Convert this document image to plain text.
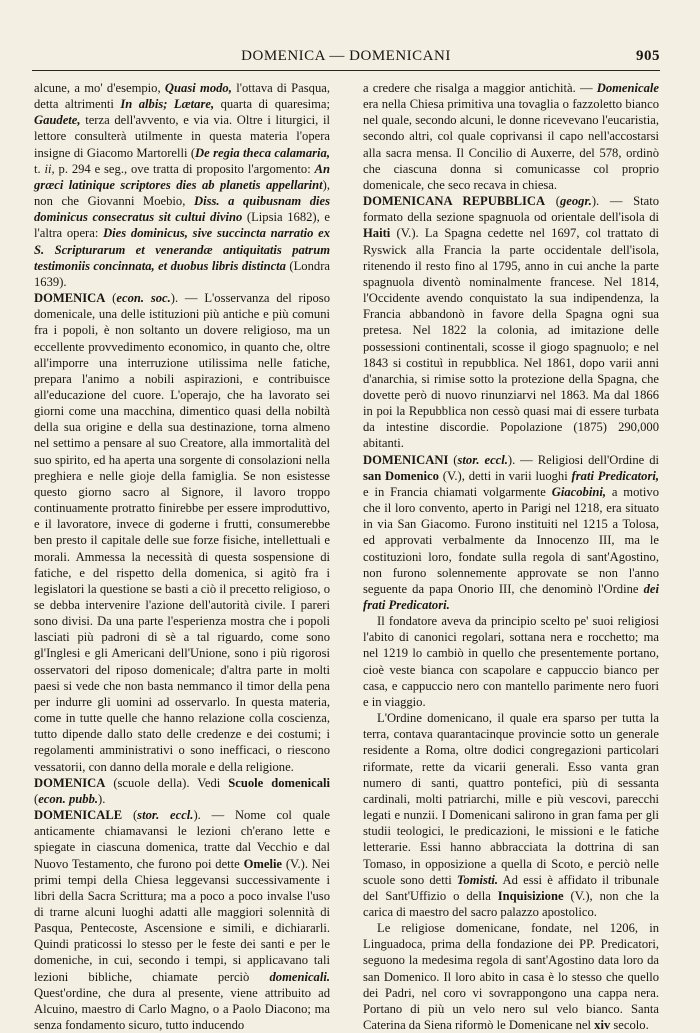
DOMENICA — DOMENICANI	905

alcune, a mo' d'esempio, Quasi modo, l'ottava di Pasqua, detta altrimenti In albis; Lætare, quarta di quaresima; Gaudete, terza dell'avvento, e via via. Oltre i liturgici, il lettore consulterà utilmente in questa materia l'opera insigne di Giacomo Martorelli (De regia theca calamaria, t. ii, p. 294 e seg., ove tratta di proposito l'argomento: An græci latinique scriptores dies ab planetis appellarint), non che Giovanni Moebio, Diss. a quibusnam dies dominicus consecratus sit cultui divino (Lipsia 1682), e l'altra opera: Dies dominicus, sive succincta narratio ex S. Scripturarum et venerandæ antiquitatis patrum testimoniis concinnata, et duobus libris distincta (Londra 1639).

DOMENICA (econ. soc.). — L'osservanza del riposo domenicale, una delle istituzioni più antiche e più comuni fra i popoli, è non soltanto un dovere religioso, ma un eccellente provvedimento economico, in quanto che, oltre all'imporre una interruzione utilissima nelle fatiche, prepara l'animo a nobili aspirazioni, e contribuisce all'educazione del cuore. L'operajo, che ha lavorato sei giorni come una macchina, dimentico quasi della nobiltà della sua origine e della sua destinazione, torna almeno nel settimo a pensare al suo Creatore, alla immortalità del suo spirito, ed ha aperta una sorgente di consolazioni nella preghiera e nelle gioje della famiglia. Se non esistesse questo giorno sacro al Signore, il lavoro troppo continuamente protratto finirebbe per essere improduttivo, e il lavoratore, invece di goderne i frutti, consumerebbe ben presto il capitale delle sue forze fisiche, intellettuali e morali. Ammessa la necessità di questa sospensione di fatiche, e del rispetto della domenica, si agitò fra i legislatori la questione se basti a ciò il precetto religioso, o se debba intervenire l'azione dell'autorità civile. I pareri sono divisi. Da una parte l'esperienza mostra che i popoli lasciati più padroni di sè a tal riguardo, come sono gl'Inglesi e gli Americani dell'Unione, sono i più rigorosi osservatori del riposo domenicale; d'altra parte in molti paesi si vede che non basta nemmanco il timor della pena per indurre gli uomini ad osservarlo. In questa materia, come in tutte quelle che hanno relazione colla coscienza, tutto dipende dallo stato delle credenze e dei costumi; i regolamenti amministrativi o sono inefficaci, o riescono vessatorii, con danno della morale e della religione.

DOMENICA (scuole della). Vedi Scuole domenicali (econ. pubb.).

DOMENICALE (stor. eccl.). — Nome col quale anticamente chiamavansi le lezioni ch'erano lette e spiegate in ciascuna domenica, tratte dal Vecchio e dal Nuovo Testamento, che furono poi dette Omelie (V.). Nei primi tempi della Chiesa leggevansi successivamente i libri della Sacra Scrittura; ma a poco a poco invalse l'uso di trarne alcuni luoghi adatti alle maggiori solennità di Pasqua, Pentecoste, Ascensione e simili, e dichiararli. Quindi praticossi lo stesso per le feste dei santi e per le domeniche, in cui, secondo i tempi, si applicavano tali lezioni bibliche, chiamate perciò domenicali. Quest'ordine, che dura al presente, viene attribuito ad Alcuino, maestro di Carlo Magno, o a Paolo Diacono; ma senza fondamento sicuro, tutto inducendo

a credere che risalga a maggior antichità. — Domenicale era nella Chiesa primitiva una tovaglia o fazzoletto bianco nel quale, secondo alcuni, le donne ricevevano l'eucaristia, secondo altri, col quale coprivansi il capo nell'accostarsi alla sacra mensa. Il Concilio di Auxerre, del 578, ordinò che ciascuna donna si comunicasse col proprio domenicale, che seco recava in chiesa.

DOMENICANA REPUBBLICA (geogr.). — Stato formato della sezione spagnuola od orientale dell'isola di Haiti (V.). La Spagna cedette nel 1697, col trattato di Ryswick alla Francia la parte occidentale dell'isola, ritenendo il resto fino al 1795, anno in cui anche la parte spagnuola diventò nominalmente francese. Nel 1814, l'Occidente avendo conquistato la sua indipendenza, la Francia abbandonò in favore della Spagna ogni sua pretesa. Nel 1822 la colonia, ad imitazione delle possessioni continentali, scosse il giogo spagnuolo; e nel 1843 si costituì in repubblica. Nel 1861, dopo varii anni d'anarchia, si rimise sotto la protezione della Spagna, che dovette però di nuovo rinunziarvi nel 1863. Ma dal 1866 in poi la Repubblica non cessò quasi mai di essere turbata da intestine discordie. Popolazione (1875) 290,000 abitanti.

DOMENICANI (stor. eccl.). — Religiosi dell'Ordine di san Domenico (V.), detti in varii luoghi frati Predicatori, e in Francia chiamati volgarmente Giacobini, a motivo che il loro convento, aperto in Parigi nel 1218, era situato in via San Giacomo. Furono instituiti nel 1215 a Tolosa, ed approvati verbalmente da Innocenzo III, ma le costituzioni loro, fondate sulla regola di sant'Agostino, non furono solennemente approvate se non l'anno seguente da papa Onorio III, che denominò l'Ordine dei frati Predicatori.

Il fondatore aveva da principio scelto pe' suoi religiosi l'abito di canonici regolari, sottana nera e rocchetto; ma nel 1219 lo cambiò in quello che presentemente portano, cioè veste bianca con scapolare e cappuccio bianco per casa, e cappuccio nero con mantello parimente nero fuori e in viaggio.

L'Ordine domenicano, il quale era sparso per tutta la terra, contava quarantacinque provincie sotto un generale residente a Roma, oltre dodici congregazioni particolari riformate, rette da vicarii generali. Esso vanta gran numero di santi, quattro pontefici, più di sessanta cardinali, molti patriarchi, mille e più vescovi, parecchi legati e nunzii. I Domenicani salirono in gran fama per gli studii teologici, le predicazioni, le missioni e le fatiche letterarie. Essi hanno abbracciata la dottrina di san Tomaso, in opposizione a quella di Scoto, e perciò nelle scuole sono detti Tomisti. Ad essi è affidato il tribunale del Sant'Uffizio o della Inquisizione (V.), non che la carica di maestro del sacro palazzo apostolico.

Le religiose domenicane, fondate, nel 1206, in Linguadoca, prima della fondazione dei PP. Predicatori, seguono la medesima regola di sant'Agostino data loro da san Domenico. Il loro abito in casa è lo stesso che quello dei Padri, nel coro vi sovrappongono una cappa nera. Portano di più un velo nero sul velo bianco. Santa Caterina da Siena riformò le Domenicane nel xiv secolo.
